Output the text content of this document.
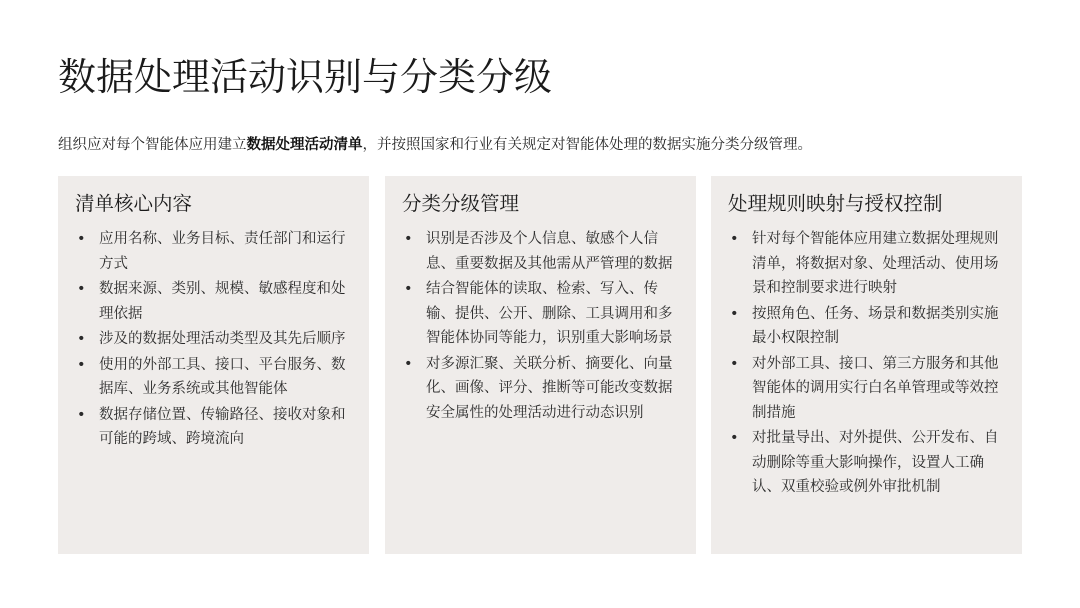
数据处理活动识别与分类分级
组织应对每个智能体应用建立数据处理活动清单，并按照国家和行业有关规定对智能体处理的数据实施分类分级管理。
清单核心内容
• 应用名称、业务目标、责任部门和运行方式
• 数据来源、类别、规模、敏感程度和处理依据
• 涉及的数据处理活动类型及其先后顺序
• 使用的外部工具、接口、平台服务、数据库、业务系统或其他智能体
• 数据存储位置、传输路径、接收对象和可能的跨域、跨境流向
分类分级管理
• 识别是否涉及个人信息、敏感个人信息、重要数据及其他需从严管理的数据
• 结合智能体的读取、检索、写入、传输、提供、公开、删除、工具调用和多智能体协同等能力，识别重大影响场景
• 对多源汇聚、关联分析、摘要化、向量化、画像、评分、推断等可能改变数据安全属性的处理活动进行动态识别
处理规则映射与授权控制
• 针对每个智能体应用建立数据处理规则清单，将数据对象、处理活动、使用场景和控制要求进行映射
• 按照角色、任务、场景和数据类别实施最小权限控制
• 对外部工具、接口、第三方服务和其他智能体的调用实行白名单管理或等效控制措施
• 对批量导出、对外提供、公开发布、自动删除等重大影响操作，设置人工确认、双重校验或例外审批机制
